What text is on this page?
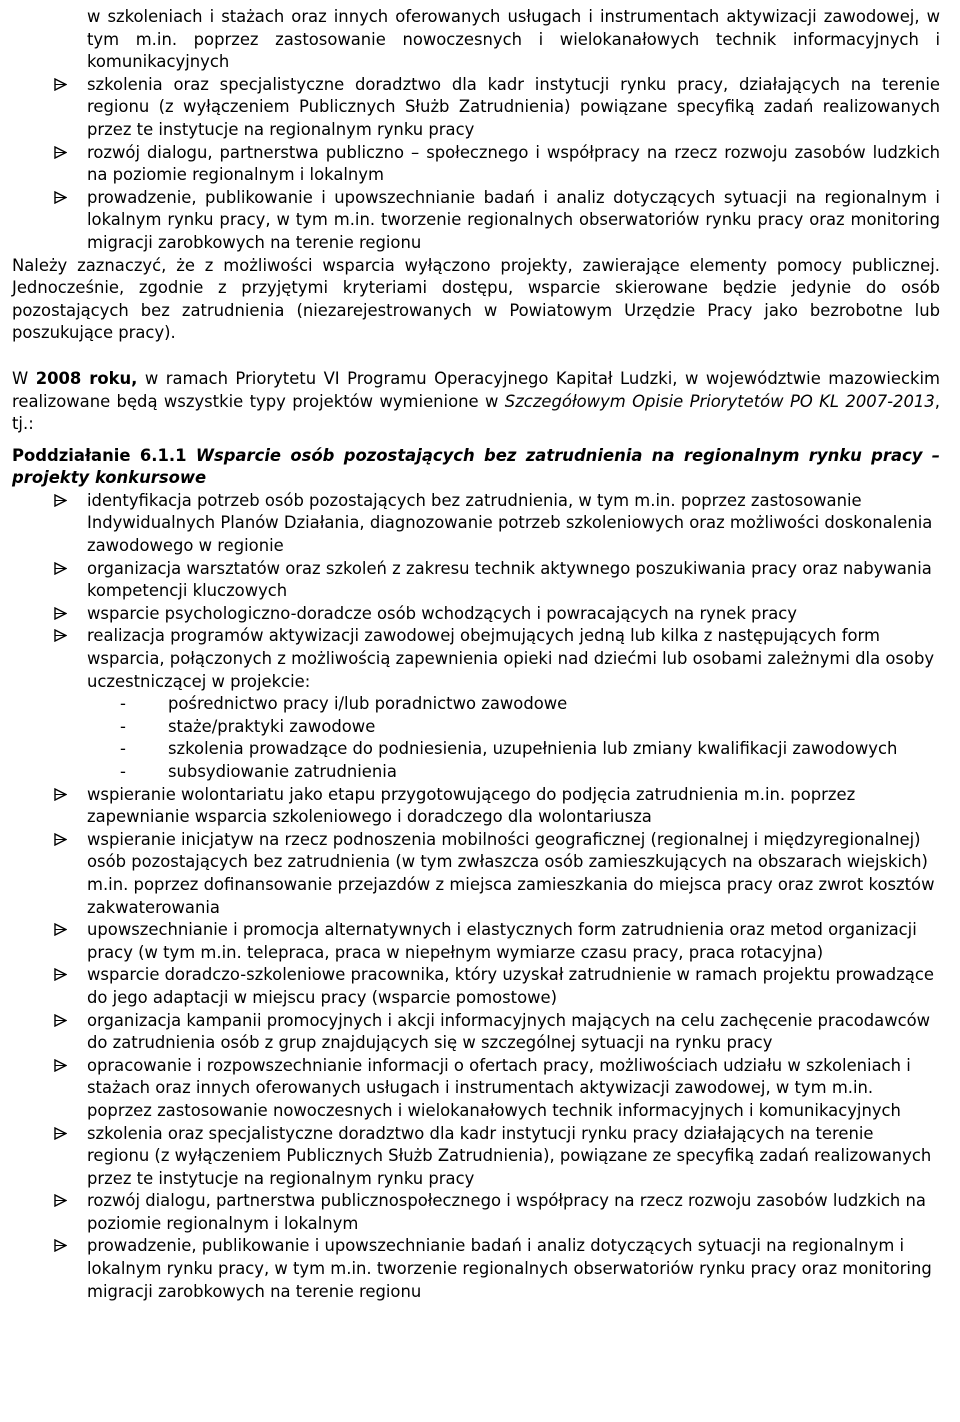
w szkoleniach i stażach oraz innych oferowanych usługach i instrumentach aktywizacji zawodowej, w tym m.in. poprzez zastosowanie nowoczesnych i wielokanałowych technik informacyjnych i komunikacyjnych
szkolenia oraz specjalistyczne doradztwo dla kadr instytucji rynku pracy, działających na terenie regionu (z wyłączeniem Publicznych Służb Zatrudnienia) powiązane specyfiką zadań realizowanych przez te instytucje na regionalnym rynku pracy
rozwój dialogu, partnerstwa publiczno – społecznego i współpracy na rzecz rozwoju zasobów ludzkich na poziomie regionalnym i lokalnym
prowadzenie, publikowanie i upowszechnianie badań i analiz dotyczących sytuacji na regionalnym i lokalnym rynku pracy, w tym m.in. tworzenie regionalnych obserwatoriów rynku pracy oraz monitoring migracji zarobkowych na terenie regionu
Należy zaznaczyć, że z możliwości wsparcia wyłączono projekty, zawierające elementy pomocy publicznej. Jednocześnie, zgodnie z przyjętymi kryteriami dostępu, wsparcie skierowane będzie jedynie do osób pozostających bez zatrudnienia (niezarejestrowanych w Powiatowym Urzędzie Pracy jako bezrobotne lub poszukujące pracy).
W 2008 roku, w ramach Priorytetu VI Programu Operacyjnego Kapitał Ludzki, w województwie mazowieckim realizowane będą wszystkie typy projektów wymienione w Szczegółowym Opisie Priorytetów PO KL 2007-2013, tj.:
Poddziałanie 6.1.1 Wsparcie osób pozostających bez zatrudnienia na regionalnym rynku pracy – projekty konkursowe
identyfikacja potrzeb osób pozostających bez zatrudnienia, w tym m.in. poprzez zastosowanie Indywidualnych Planów Działania, diagnozowanie potrzeb szkoleniowych oraz możliwości doskonalenia zawodowego w regionie
organizacja warsztatów oraz szkoleń z zakresu technik aktywnego poszukiwania pracy oraz nabywania kompetencji kluczowych
wsparcie psychologiczno-doradcze osób wchodzących i powracających na rynek pracy
realizacja programów aktywizacji zawodowej obejmujących jedną lub kilka z następujących form wsparcia, połączonych z możliwością zapewnienia opieki nad dziećmi lub osobami zależnymi dla osoby uczestniczącej w projekcie:
-	pośrednictwo pracy i/lub poradnictwo zawodowe
-	staże/praktyki zawodowe
-	szkolenia prowadzące do podniesienia, uzupełnienia lub zmiany kwalifikacji zawodowych
-	subsydiowanie zatrudnienia
wspieranie wolontariatu jako etapu przygotowującego do podjęcia zatrudnienia m.in. poprzez zapewnianie wsparcia szkoleniowego i doradczego dla wolontariusza
wspieranie inicjatyw na rzecz podnoszenia mobilności geograficznej (regionalnej i międzyregionalnej) osób pozostających bez zatrudnienia (w tym zwłaszcza osób zamieszkujących na obszarach wiejskich) m.in. poprzez dofinansowanie przejazdów z miejsca zamieszkania do miejsca pracy oraz zwrot kosztów zakwaterowania
upowszechnianie i promocja alternatywnych i elastycznych form zatrudnienia oraz metod organizacji pracy (w tym m.in. telepraca, praca w niepełnym wymiarze czasu pracy, praca rotacyjna)
wsparcie doradczo-szkoleniowe pracownika, który uzyskał zatrudnienie w ramach projektu prowadzące do jego adaptacji w miejscu pracy (wsparcie pomostowe)
organizacja kampanii promocyjnych i akcji informacyjnych mających na celu zachęcenie pracodawców do zatrudnienia osób z grup znajdujących się w szczególnej sytuacji na rynku pracy
opracowanie i rozpowszechnianie informacji o ofertach pracy, możliwościach udziału w szkoleniach i stażach oraz innych oferowanych usługach i instrumentach aktywizacji zawodowej, w tym m.in. poprzez zastosowanie nowoczesnych i wielokanałowych technik informacyjnych i komunikacyjnych
szkolenia oraz specjalistyczne doradztwo dla kadr instytucji rynku pracy działających na terenie regionu (z wyłączeniem Publicznych Służb Zatrudnienia), powiązane ze specyfiką zadań realizowanych przez te instytucje na regionalnym rynku pracy
rozwój dialogu, partnerstwa publicznospołecznego i współpracy na rzecz rozwoju zasobów ludzkich na poziomie regionalnym i lokalnym
prowadzenie, publikowanie i upowszechnianie badań i analiz dotyczących sytuacji na regionalnym i lokalnym rynku pracy, w tym m.in. tworzenie regionalnych obserwatoriów rynku pracy oraz monitoring migracji zarobkowych na terenie regionu
